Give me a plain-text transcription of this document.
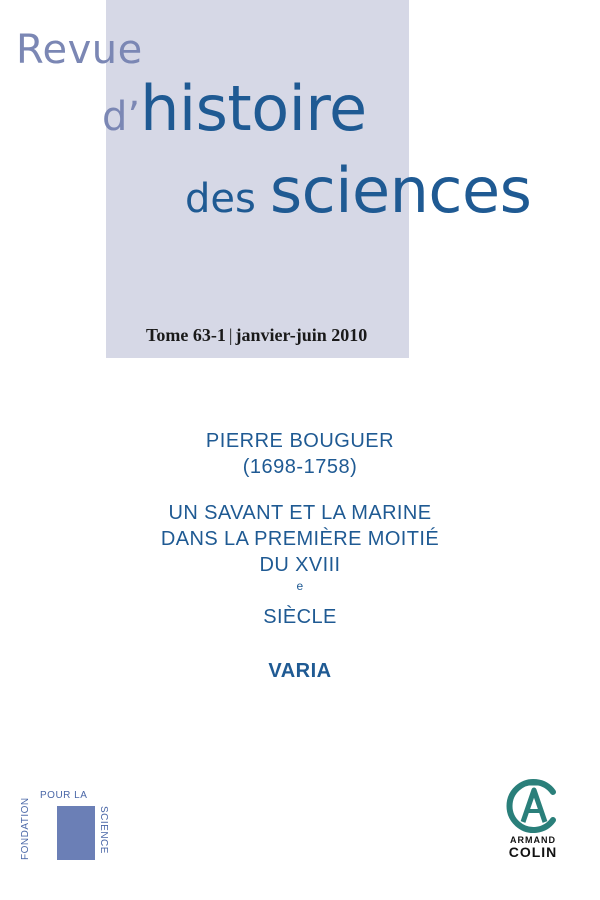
Revue
d’histoire
des sciences
Tome 63-1 | janvier-juin 2010
PIERRE BOUGUER
(1698-1758)
UN SAVANT ET LA MARINE
DANS LA PREMIÈRE MOITIÉ
DU XVIII
$^e$
SIÈCLE
VARIA
FONDATION
POUR LA
SCIENCE	ARMAND
COLIN
